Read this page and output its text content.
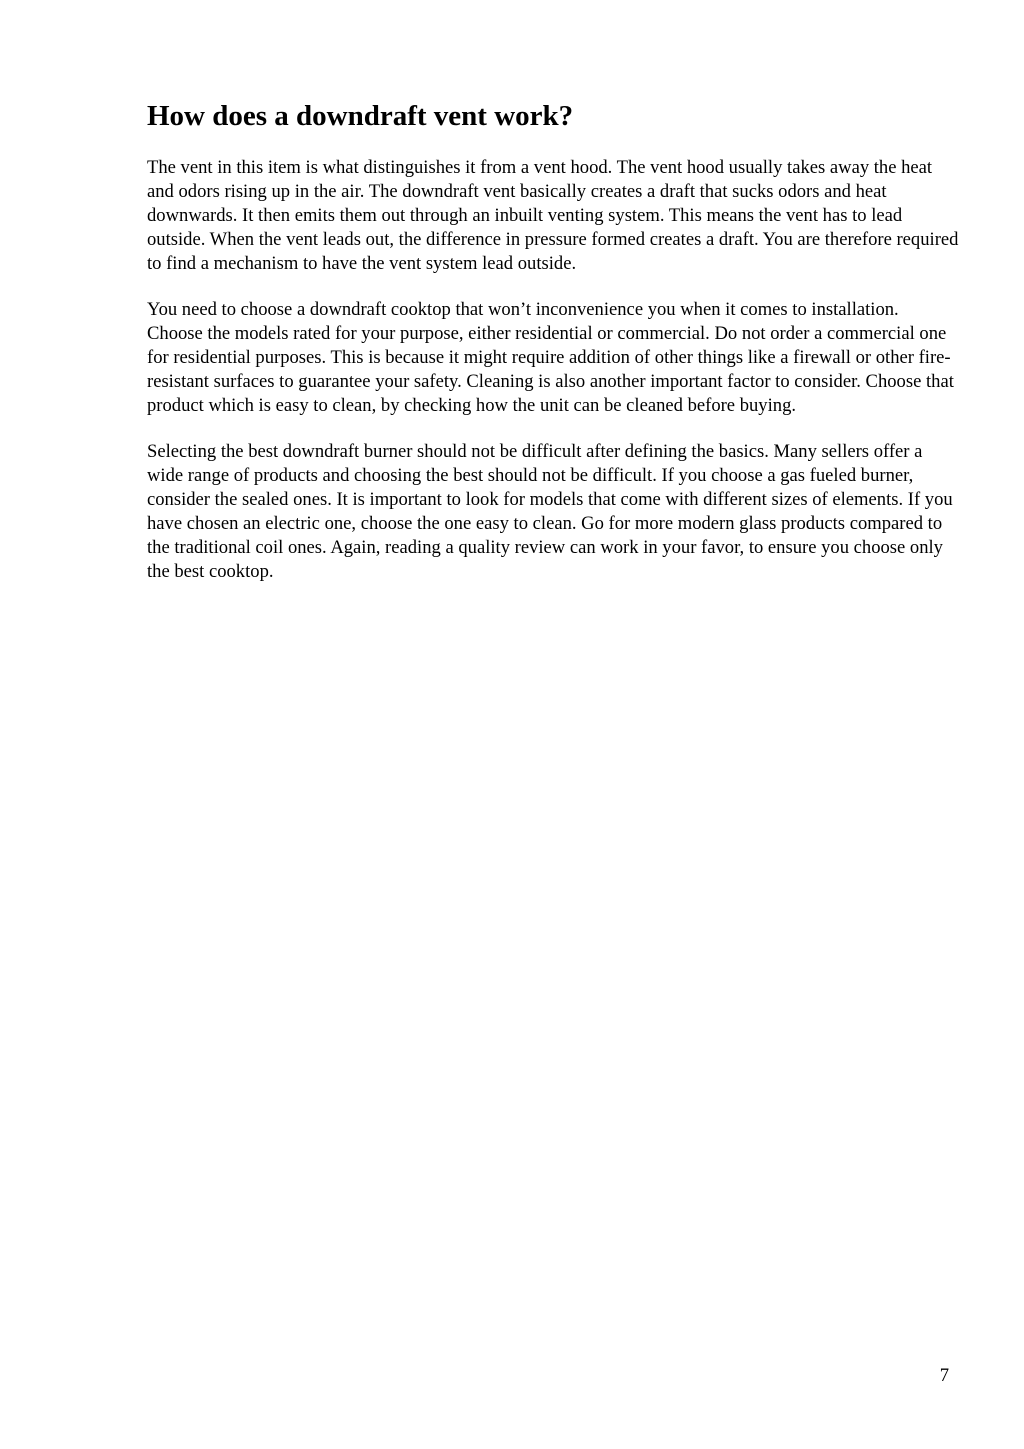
How does a downdraft vent work?

The vent in this item is what distinguishes it from a vent hood. The vent hood usually takes away the heat and odors rising up in the air. The downdraft vent basically creates a draft that sucks odors and heat downwards. It then emits them out through an inbuilt venting system. This means the vent has to lead outside. When the vent leads out, the difference in pressure formed creates a draft. You are therefore required to find a mechanism to have the vent system lead outside.

You need to choose a downdraft cooktop that won’t inconvenience you when it comes to installation. Choose the models rated for your purpose, either residential or commercial. Do not order a commercial one for residential purposes. This is because it might require addition of other things like a firewall or other fire-resistant surfaces to guarantee your safety. Cleaning is also another important factor to consider. Choose that product which is easy to clean, by checking how the unit can be cleaned before buying.

Selecting the best downdraft burner should not be difficult after defining the basics. Many sellers offer a wide range of products and choosing the best should not be difficult. If you choose a gas fueled burner, consider the sealed ones. It is important to look for models that come with different sizes of elements. If you have chosen an electric one, choose the one easy to clean. Go for more modern glass products compared to the traditional coil ones. Again, reading a quality review can work in your favor, to ensure you choose only the best cooktop.

7
